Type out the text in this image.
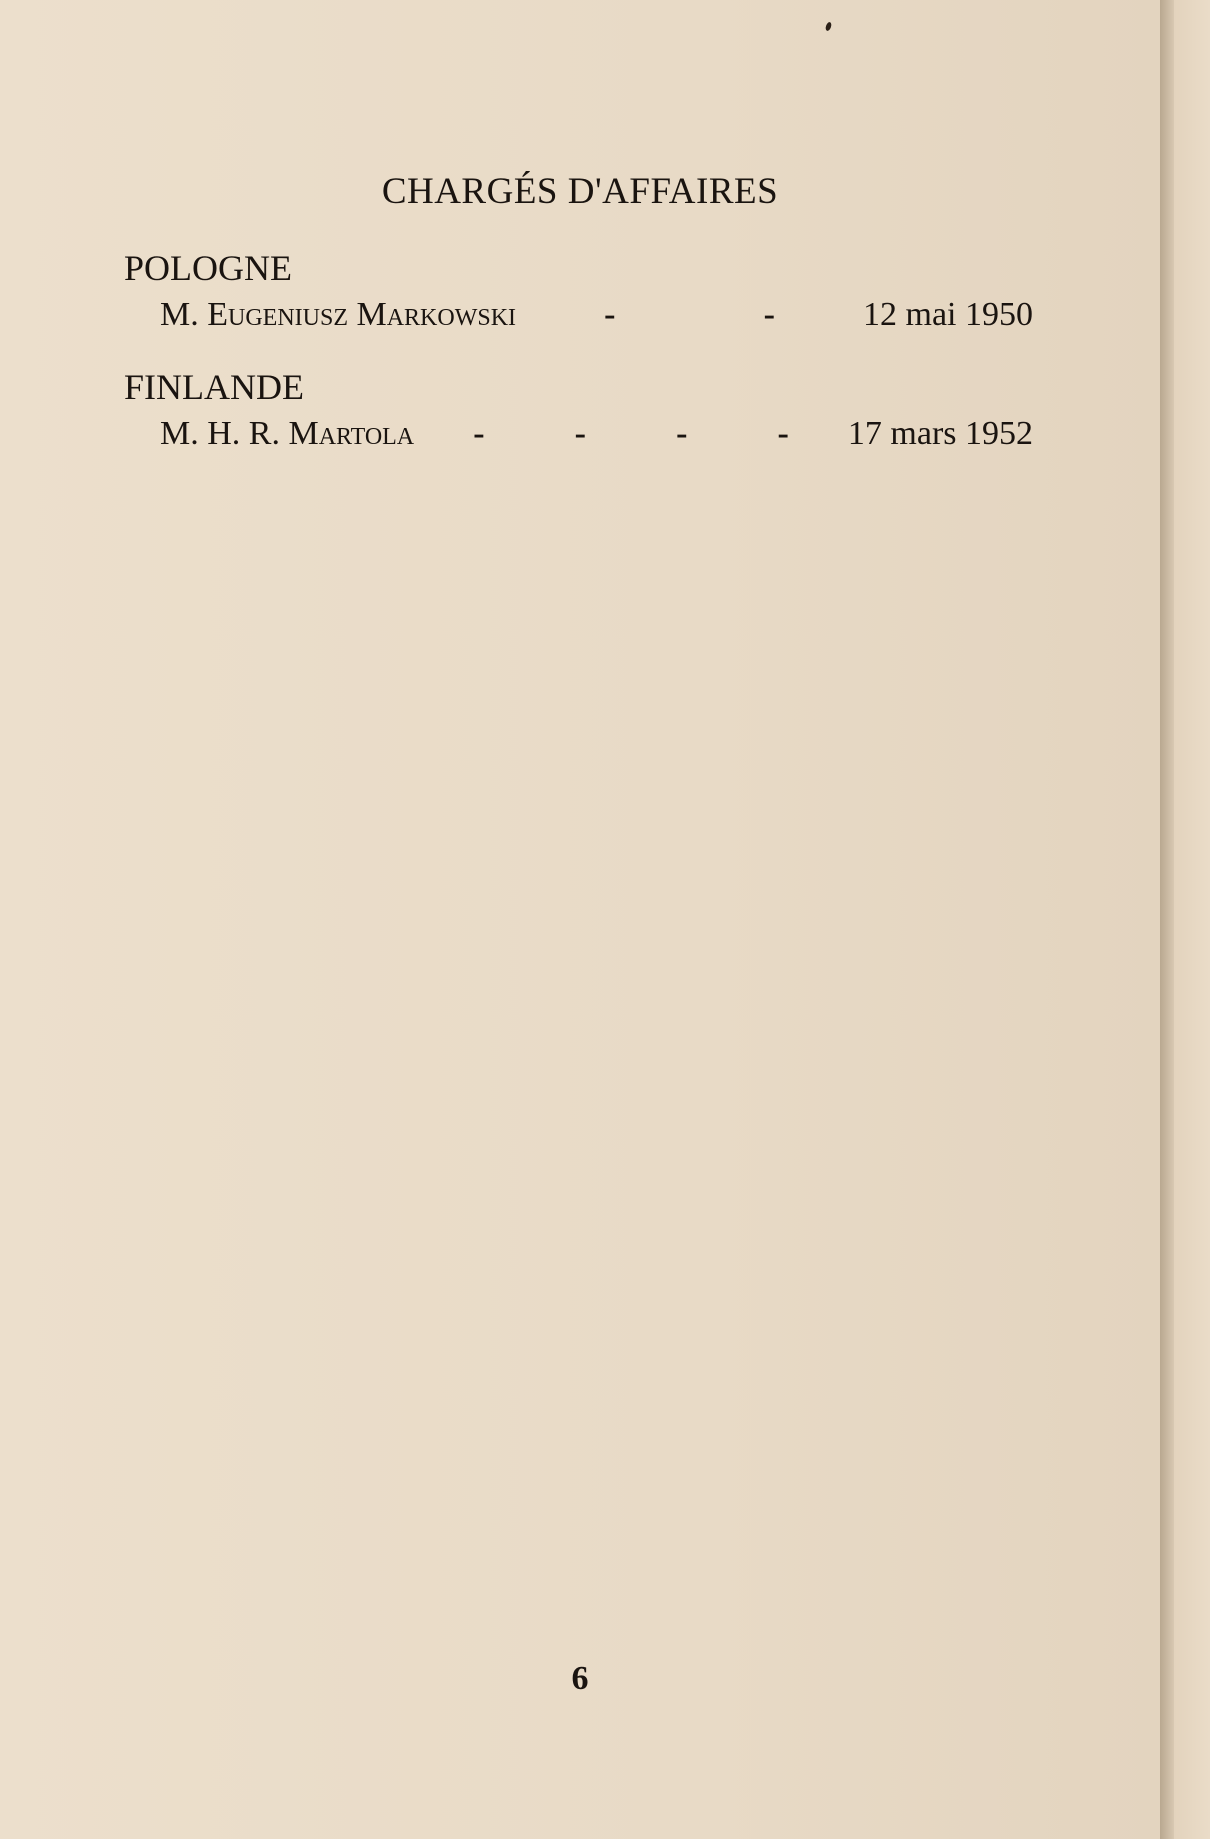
CHARGÉS D'AFFAIRES
POLOGNE
M. Eugeniusz Markowski	-	-	12 mai 1950
FINLANDE
M. H. R. Martola -	-	-	- 17 mars 1952
6
